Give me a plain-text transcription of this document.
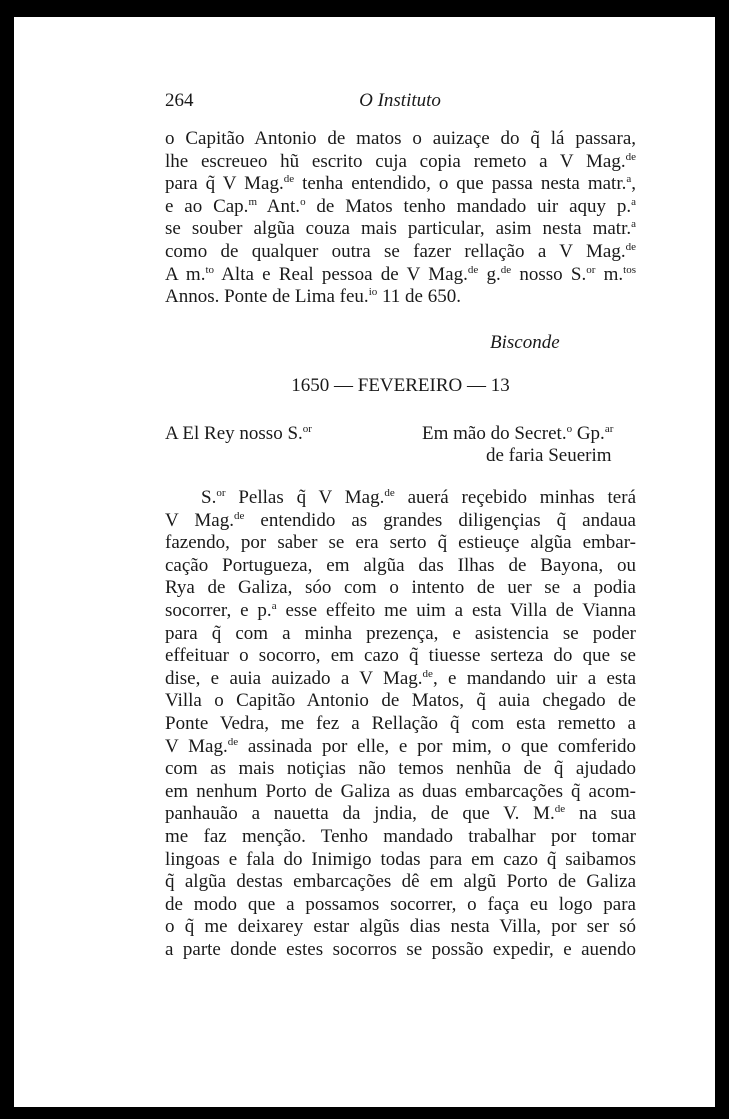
264	O Instituto
o Capitão Antonio de matos o auizaçe do q̃ lá passara,
lhe escreueo hũ escrito cuja copia remeto a V Mag.$^{de}$
para q̃ V Mag.$^{de}$ tenha entendido, o que passa nesta matr.$^a$,
e ao Cap.$^m$ Ant.$^o$ de Matos tenho mandado uir aquy p.$^a$
se souber algũa couza mais particular, asim nesta matr.$^a$
como de qualquer outra se fazer rellação a V Mag.$^{de}$
A m.$^{to}$ Alta e Real pessoa de V Mag.$^{de}$ g.$^{de}$ nosso S.$^{or}$ m.$^{tos}$
Annos. Ponte de Lima feu.$^{io}$ 11 de 650.
Bisconde
1650 — FEVEREIRO — 13
A El Rey nosso S.$^{or}$	Em mão do Secret.$^o$ Gp.$^{ar}$
de faria Seuerim
S.$^{or}$ Pellas q̃ V Mag.$^{de}$ auerá reçebido minhas terá
V Mag.$^{de}$ entendido as grandes diligençias q̃ andaua
fazendo, por saber se era serto q̃ estieuçe algũa embar-
cação Portugueza, em algũa das Ilhas de Bayona, ou
Rya de Galiza, sóo com o intento de uer se a podia
socorrer, e p.$^a$ esse effeito me uim a esta Villa de Vianna
para q̃ com a minha prezença, e asistencia se poder
effeituar o socorro, em cazo q̃ tiuesse serteza do que se
dise, e auia auizado a V Mag.$^{de}$, e mandando uir a esta
Villa o Capitão Antonio de Matos, q̃ auia chegado de
Ponte Vedra, me fez a Rellação q̃ com esta remetto a
V Mag.$^{de}$ assinada por elle, e por mim, o que comferido
com as mais notiçias não temos nenhũa de q̃ ajudado
em nenhum Porto de Galiza as duas embarcações q̃ acom-
panhauão a nauetta da jndia, de que V. M.$^{de}$ na sua
me faz menção. Tenho mandado trabalhar por tomar
lingoas e fala do Inimigo todas para em cazo q̃ saibamos
q̃ algũa destas embarcações dê em algũ Porto de Galiza
de modo que a possamos socorrer, o faça eu logo para
o q̃ me deixarey estar algũs dias nesta Villa, por ser só
a parte donde estes socorros se possão expedir, e auendo
